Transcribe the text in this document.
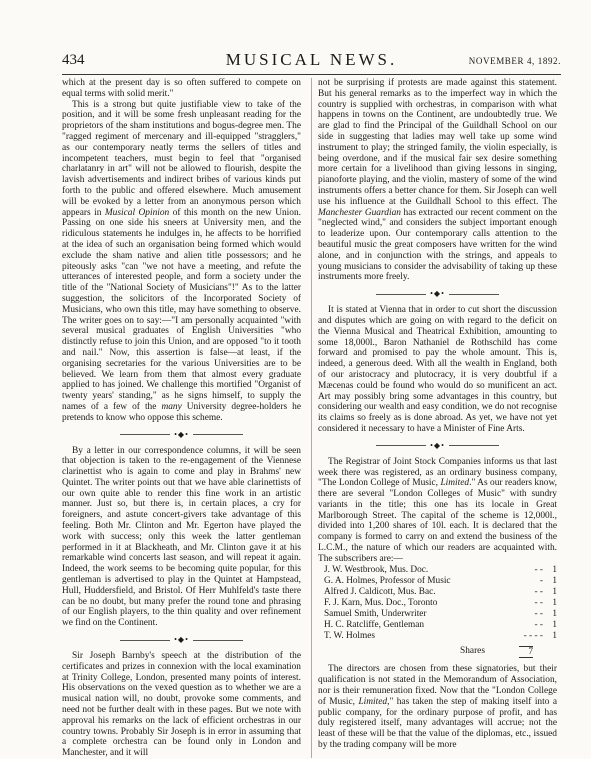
434	MUSICAL NEWS.	NOVEMBER 4, 1892.

which at the present day is so often suffered to compete on equal terms with solid merit."

This is a strong but quite justifiable view to take of the position, and it will be some fresh unpleasant reading for the proprietors of the sham institutions and bogus-degree men. The "ragged regiment of mercenary and ill-equipped "stragglers," as our contemporary neatly terms the sellers of titles and incompetent teachers, must begin to feel that "organised charlatanry in art" will not be allowed to flourish, despite the lavish advertisements and indirect bribes of various kinds put forth to the public and offered elsewhere. Much amusement will be evoked by a letter from an anonymous person which appears in Musical Opinion of this month on the new Union. Passing on one side his sneers at University men, and the ridiculous statements he indulges in, he affects to be horrified at the idea of such an organisation being formed which would exclude the sham native and alien title possessors; and he piteously asks "can "we not have a meeting, and refute the utterances of interested people, and form a society under the title of the "National Society of Musicians"!" As to the latter suggestion, the solicitors of the Incorporated Society of Musicians, who own this title, may have something to observe. The writer goes on to say:—"I am personally acquainted "with several musical graduates of English Universities "who distinctly refuse to join this Union, and are opposed "to it tooth and nail." Now, this assertion is false—at least, if the organising secretaries for the various Universities are to be believed. We learn from them that almost every graduate applied to has joined. We challenge this mortified "Organist of twenty years' standing," as he signs himself, to supply the names of a few of the many University degree-holders he pretends to know who oppose this scheme.

•◆•

By a letter in our correspondence columns, it will be seen that objection is taken to the re-engagement of the Viennese clarinettist who is again to come and play in Brahms' new Quintet. The writer points out that we have able clarinettists of our own quite able to render this fine work in an artistic manner. Just so, but there is, in certain places, a cry for foreigners, and astute concert-givers take advantage of this feeling. Both Mr. Clinton and Mr. Egerton have played the work with success; only this week the latter gentleman performed in it at Blackheath, and Mr. Clinton gave it at his remarkable wind concerts last season, and will repeat it again. Indeed, the work seems to be becoming quite popular, for this gentleman is advertised to play in the Quintet at Hampstead, Hull, Huddersfield, and Bristol. Of Herr Muhlfeld's taste there can be no doubt, but many prefer the round tone and phrasing of our English players, to the thin quality and over refinement we find on the Continent.

•◆•

Sir Joseph Barnby's speech at the distribution of the certificates and prizes in connexion with the local examination at Trinity College, London, presented many points of interest. His observations on the vexed question as to whether we are a musical nation will, no doubt, provoke some comments, and need not be further dealt with in these pages. But we note with approval his remarks on the lack of efficient orchestras in our country towns. Probably Sir Joseph is in error in assuming that a complete orchestra can be found only in London and Manchester, and it will

not be surprising if protests are made against this statement. But his general remarks as to the imperfect way in which the country is supplied with orchestras, in comparison with what happens in towns on the Continent, are undoubtedly true. We are glad to find the Principal of the Guildhall School on our side in suggesting that ladies may well take up some wind instrument to play; the stringed family, the violin especially, is being overdone, and if the musical fair sex desire something more certain for a livelihood than giving lessons in singing, pianoforte playing, and the violin, mastery of some of the wind instruments offers a better chance for them. Sir Joseph can well use his influence at the Guildhall School to this effect. The Manchester Guardian has extracted our recent comment on the "neglected wind," and considers the subject important enough to leaderize upon. Our contemporary calls attention to the beautiful music the great composers have written for the wind alone, and in conjunction with the strings, and appeals to young musicians to consider the advisability of taking up these instruments more freely.

•◆•

It is stated at Vienna that in order to cut short the discussion and disputes which are going on with regard to the deficit on the Vienna Musical and Theatrical Exhibition, amounting to some 18,000l., Baron Nathaniel de Rothschild has come forward and promised to pay the whole amount. This is, indeed, a generous deed. With all the wealth in England, both of our aristocracy and plutocracy, it is very doubtful if a Mæcenas could be found who would do so munificent an act. Art may possibly bring some advantages in this country, but considering our wealth and easy condition, we do not recognise its claims so freely as is done abroad. As yet, we have not yet considered it necessary to have a Minister of Fine Arts.

•◆•

The Registrar of Joint Stock Companies informs us that last week there was registered, as an ordinary business company, "The London College of Music, Limited." As our readers know, there are several "London Colleges of Music" with sundry variants in the title; this one has its locale in Great Marlborough Street. The capital of the scheme is 12,000l., divided into 1,200 shares of 10l. each. It is declared that the company is formed to carry on and extend the business of the L.C.M., the nature of which our readers are acquainted with. The subscribers are:—

J. W. Westbrook, Mus. Doc.	- -	1
G. A. Holmes, Professor of Music	-	1
Alfred J. Caldicott, Mus. Bac.	- -	1
F. J. Karn, Mus. Doc., Toronto	- -	1
Samuel Smith, Underwriter	- -	1
H. C. Ratcliffe, Gentleman	- -	1
T. W. Holmes	- - - -	1
Shares	7

The directors are chosen from these signatories, but their qualification is not stated in the Memorandum of Association, nor is their remuneration fixed. Now that the "London College of Music, Limited," has taken the step of making itself into a public company, for the ordinary purpose of profit, and has duly registered itself, many advantages will accrue; not the least of these will be that the value of the diplomas, etc., issued by the trading company will be more
